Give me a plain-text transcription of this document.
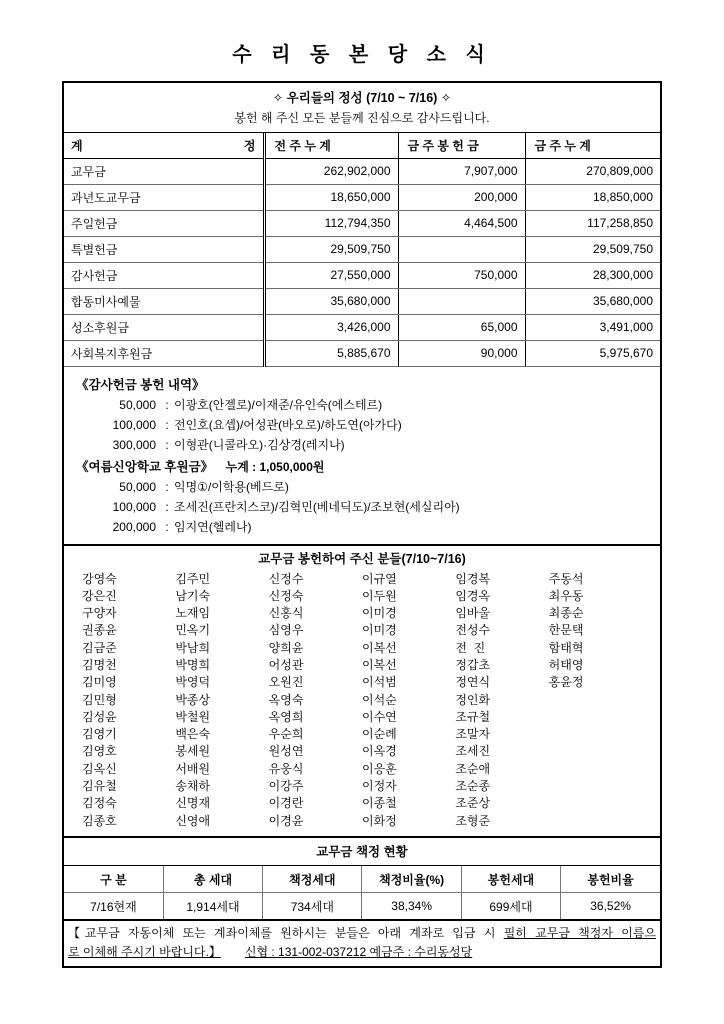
수 리 동 본 당 소 식
✧ 우리들의 정성 (7/10 ~ 7/16) ✧
봉헌 해 주신 모든 분들께 진심으로 감사드립니다.
계 정	전 주 누 계	금 주 봉 헌 금	금 주 누 계

교무금	262,902,000	7,907,000	270,809,000
과년도교무금	18,650,000	200,000	18,850,000
주일헌금	112,794,350	4,464,500	117,258,850
특별헌금	29,509,750		29,509,750
감사헌금	27,550,000	750,000	28,300,000
합동미사예물	35,680,000		35,680,000
성소후원금	3,426,000	65,000	3,491,000
사회복지후원금	5,885,670	90,000	5,975,670
《감사헌금 봉헌 내역》
50,000 : 이광호(안젤로)/이재준/유인숙(에스테르)
100,000 : 전인호(요셉)/어성관(바오로)/하도연(아가다)
300,000 : 이형관(니콜라오)·김상경(레지나)
《여름신앙학교 후원금》 누계 : 1,050,000원
50,000 : 익명①/이학용(베드로)
100,000 : 조세진(프란치스코)/김혁민(베네딕도)/조보현(세실리아)
200,000 : 임지연(헬레나)
교무금 봉헌하여 주신 분들(7/10~7/16)
강영숙	김주민	신정수	이규열	임경복	주동석
강은진	남기숙	신정숙	이두원	임경옥	최우동
구양자	노재임	신홍식	이미경	임바울	최종순
권종윤	민옥기	심영우	이미경	전성수	한문택
김금준	박남희	양희윤	이복선	전  진	함태혁
김명천	박명희	어성관	이복선	정갑초	허태영
김미영	박영덕	오원진	이석범	정연식	홍윤정
김민형	박종상	옥영숙	이석순	정인화
김성윤	박철원	옥영희	이수연	조규철
김영기	백은숙	우순희	이순례	조말자
김영호	봉세원	원성연	이옥경	조세진
김옥신	서배원	유웅식	이응훈	조순애
김유철	송채하	이강주	이정자	조순종
김정숙	신명재	이경란	이종철	조준상
김종호	신영애	이경윤	이화정	조형준
교무금 책정 현황
구 분	총 세대	책정세대	책정비율(%)	봉헌세대	봉헌비율
7/16현재	1,914세대	734세대	38,34%	699세대	36,52%
【교무금 자동이체 또는 계좌이체를 원하시는 분들은 아래 계좌로 입금 시 필히 교무금 책정자 이름으
로 이체해 주시기 바랍니다.】 신협 : 131-002-037212 예금주 : 수리동성당
